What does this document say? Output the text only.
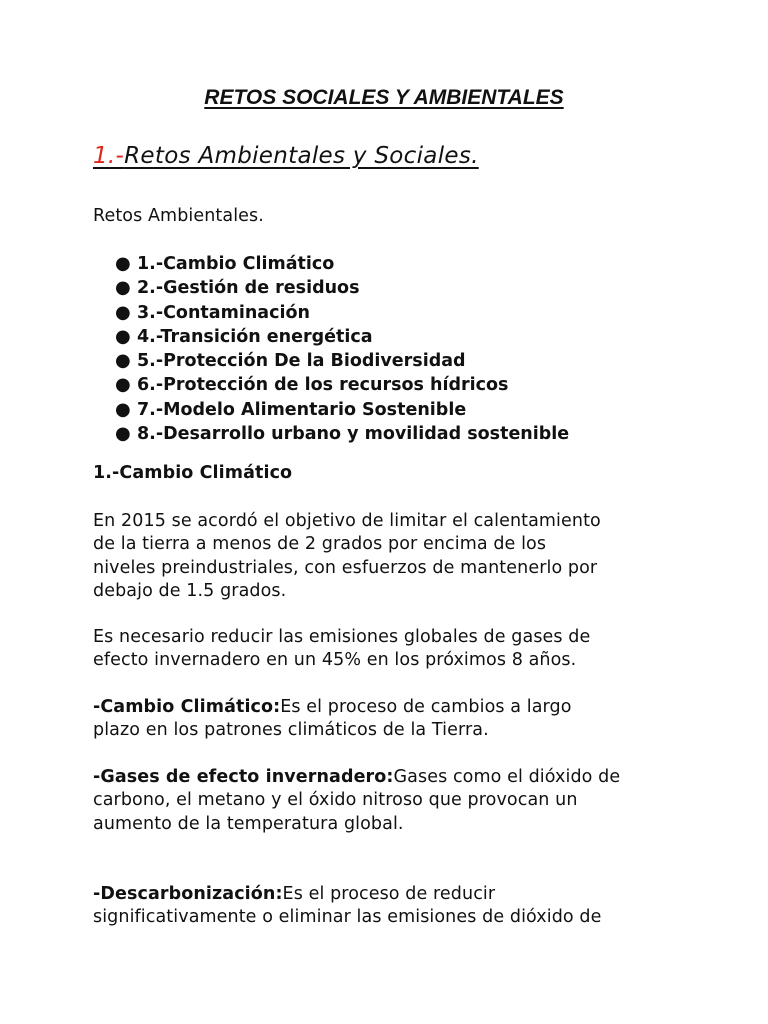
RETOS SOCIALES Y AMBIENTALES
1.-Retos Ambientales y Sociales.

Retos Ambientales.

● 1.-Cambio Climático
● 2.-Gestión de residuos
● 3.-Contaminación
● 4.-Transición energética
● 5.-Protección De la Biodiversidad
● 6.-Protección de los recursos hídricos
● 7.-Modelo Alimentario Sostenible
● 8.-Desarrollo urbano y movilidad sostenible

1.-Cambio Climático

En 2015 se acordó el objetivo de limitar el calentamiento
de la tierra a menos de 2 grados por encima de los
niveles preindustriales, con esfuerzos de mantenerlo por
debajo de 1.5 grados.

Es necesario reducir las emisiones globales de gases de
efecto invernadero en un 45% en los próximos 8 años.

-Cambio Climático:Es el proceso de cambios a largo
plazo en los patrones climáticos de la Tierra.

-Gases de efecto invernadero:Gases como el dióxido de
carbono, el metano y el óxido nitroso que provocan un
aumento de la temperatura global.

-Descarbonización:Es el proceso de reducir
significativamente o eliminar las emisiones de dióxido de
